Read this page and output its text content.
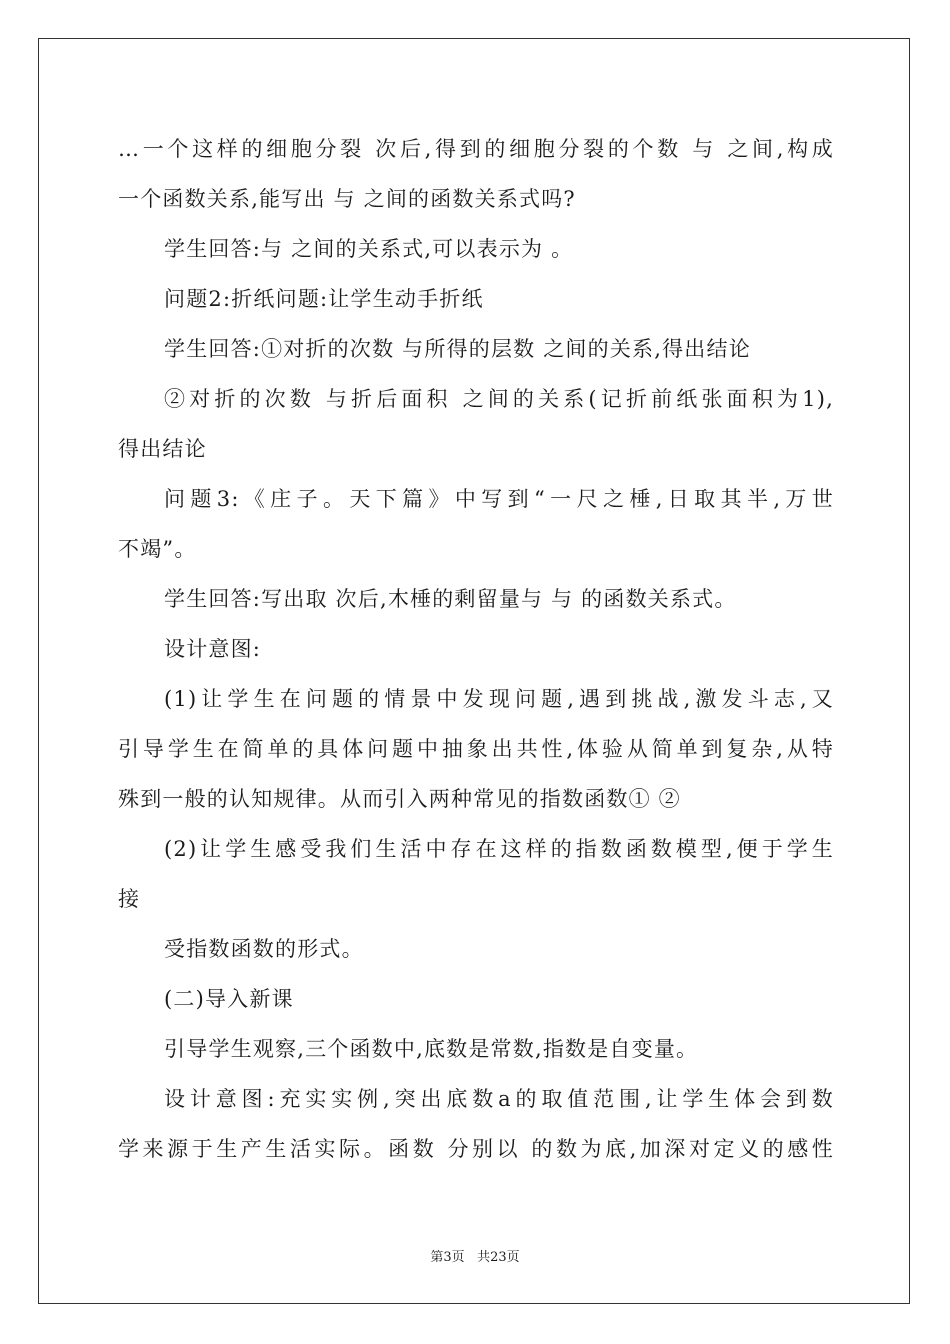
…一个这样的细胞分裂 次后,得到的细胞分裂的个数 与 之间,构成

一个函数关系,能写出 与 之间的函数关系式吗?

学生回答:与 之间的关系式,可以表示为 。

问题2:折纸问题:让学生动手折纸

学生回答:①对折的次数 与所得的层数 之间的关系,得出结论

②对折的次数 与折后面积 之间的关系(记折前纸张面积为1),

得出结论

问题3:《庄子。天下篇》中写到“一尺之棰,日取其半,万世

不竭”。

学生回答:写出取 次后,木棰的剩留量与 与 的函数关系式。

设计意图:

(1)让学生在问题的情景中发现问题,遇到挑战,激发斗志,又

引导学生在简单的具体问题中抽象出共性,体验从简单到复杂,从特

殊到一般的认知规律。从而引入两种常见的指数函数① ②

(2)让学生感受我们生活中存在这样的指数函数模型,便于学生

接

受指数函数的形式。

(二)导入新课

引导学生观察,三个函数中,底数是常数,指数是自变量。

设计意图:充实实例,突出底数a的取值范围,让学生体会到数

学来源于生产生活实际。函数 分别以 的数为底,加深对定义的感性

第3页 共23页
